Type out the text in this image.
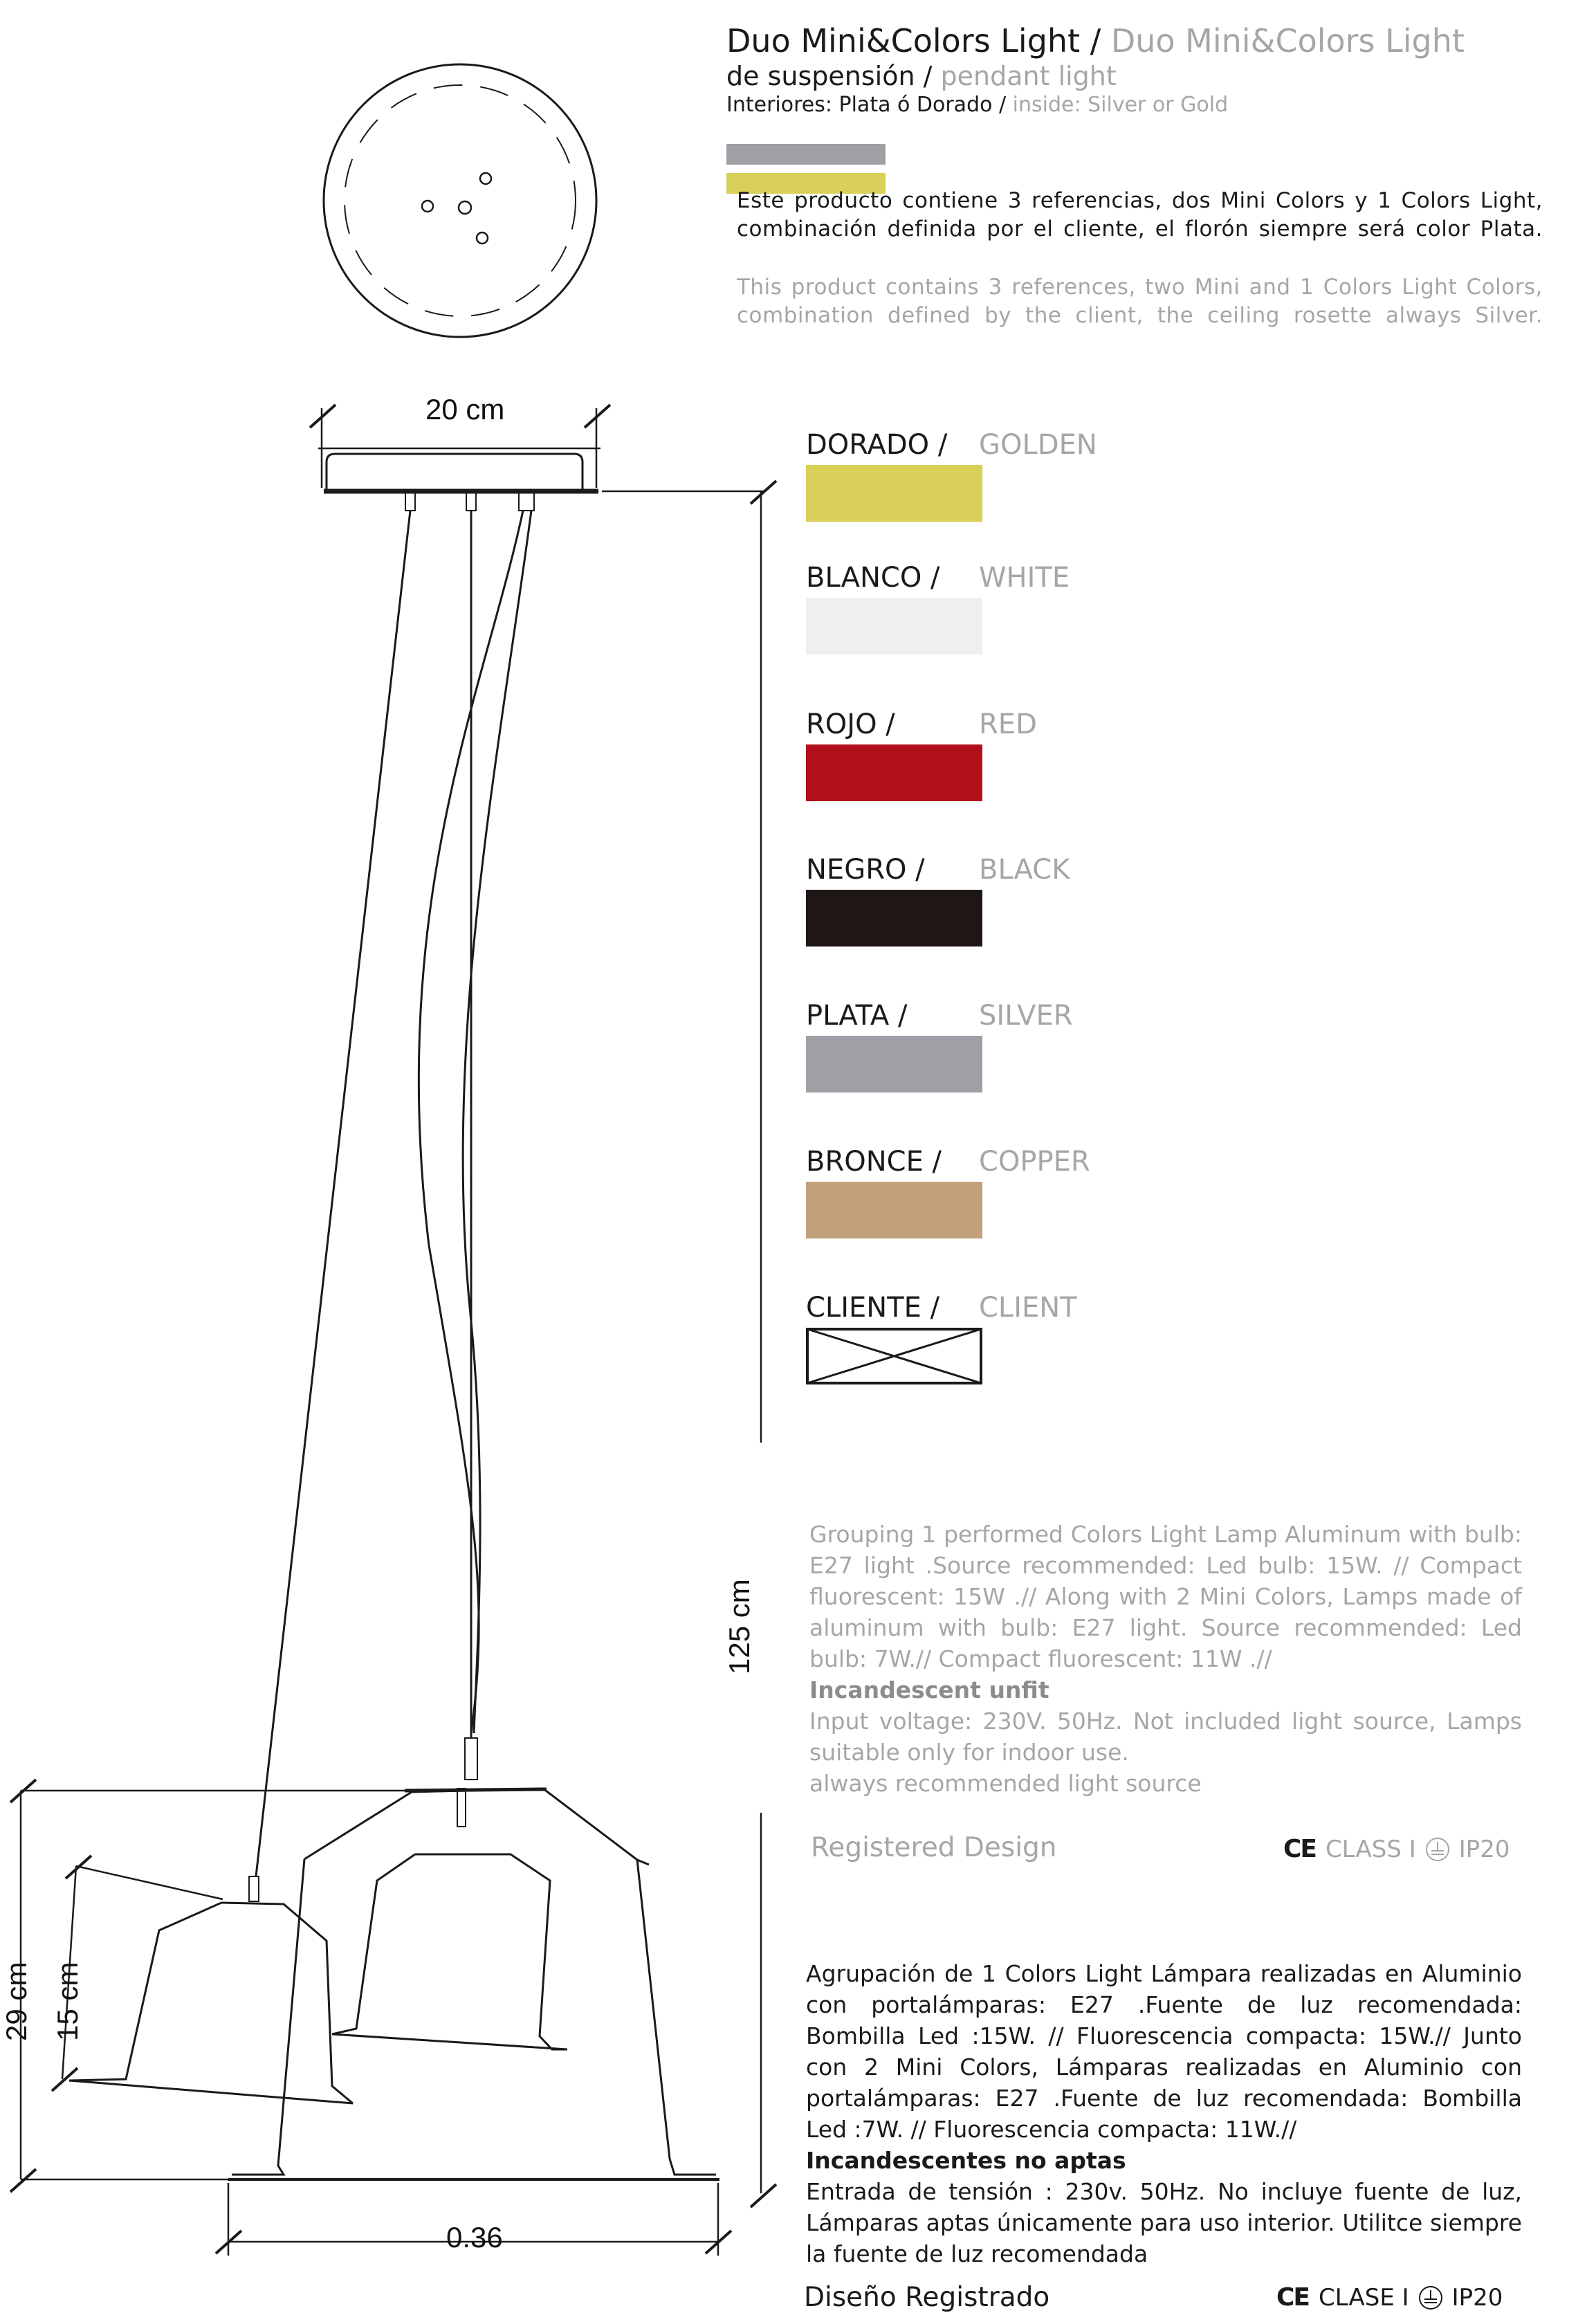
Duo Mini&Colors Light / Duo Mini&Colors Light
de suspensión / pendant light
Interiores: Plata ó Dorado / inside: Silver or Gold

Este producto contiene 3 referencias, dos Mini Colors y 1 Colors Light, combinación definida por el cliente, el florón siempre será color Plata.

This product contains 3 references, two Mini and 1 Colors Light Colors, combination defined by the client, the ceiling rosette always Silver.

20 cm
125 cm
29 cm 15 cm
0.36
DORADO / GOLDEN
BLANCO / WHITE
ROJO /	RED
NEGRO / BLACK
PLATA /	SILVER
BRONCE / COPPER
CLIENTE / CLIENT

Grouping 1 performed Colors Light Lamp Aluminum with bulb: E27 light .Source recommended: Led bulb: 15W. // Compact fluorescent: 15W .// Along with 2 Mini Colors, Lamps made of aluminum with bulb: E27 light. Source recommended: Led bulb: 7W.// Compact fluorescent: 11W .//

Incandescent unfit

Input voltage: 230V. 50Hz. Not included light source, Lamps suitable only for indoor use.

always recommended light source

Registered Design	CE CLASS I IP20

Agrupación de 1 Colors Light Lámpara realizadas en Aluminio con portalámparas: E27 .Fuente de luz recomendada: Bombilla Led :15W. // Fluorescencia compacta: 15W.// Junto con 2 Mini Colors, Lámparas realizadas en Aluminio con portalámparas: E27 .Fuente de luz recomendada: Bombilla Led :7W. // Fluorescencia compacta: 11W.//

Incandescentes no aptas

Entrada de tensión : 230v. 50Hz. No incluye fuente de luz, Lámparas aptas únicamente para uso interior. Utilitce siempre la fuente de luz recomendada

Diseño Registrado	CE CLASE I IP20
